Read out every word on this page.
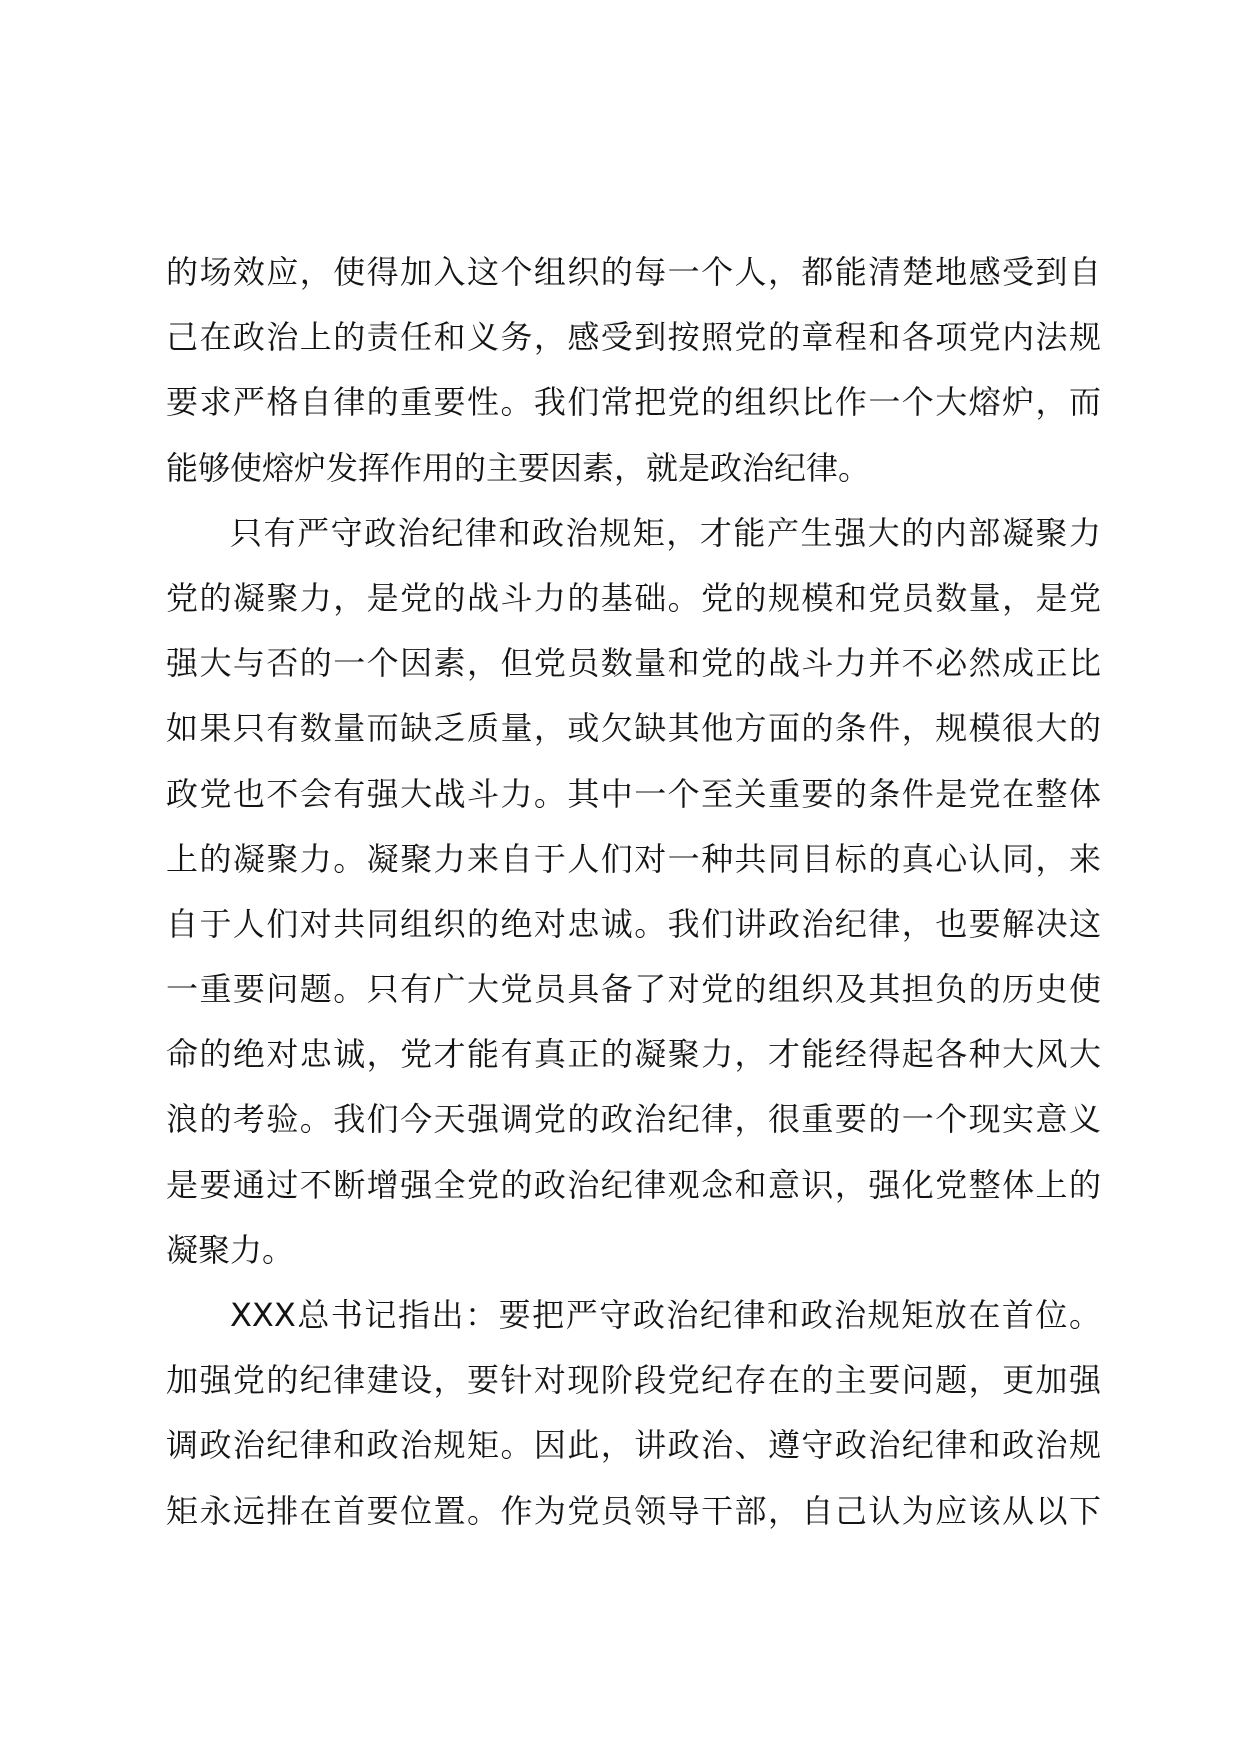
的场效应，使得加入这个组织的每一个人，都能清楚地感受到自
己在政治上的责任和义务，感受到按照党的章程和各项党内法规
要求严格自律的重要性。我们常把党的组织比作一个大熔炉，而
能够使熔炉发挥作用的主要因素，就是政治纪律。
只有严守政治纪律和政治规矩，才能产生强大的内部凝聚力
党的凝聚力，是党的战斗力的基础。党的规模和党员数量，是党
强大与否的一个因素，但党员数量和党的战斗力并不必然成正比
如果只有数量而缺乏质量，或欠缺其他方面的条件，规模很大的
政党也不会有强大战斗力。其中一个至关重要的条件是党在整体
上的凝聚力。凝聚力来自于人们对一种共同目标的真心认同，来
自于人们对共同组织的绝对忠诚。我们讲政治纪律，也要解决这
一重要问题。只有广大党员具备了对党的组织及其担负的历史使
命的绝对忠诚，党才能有真正的凝聚力，才能经得起各种大风大
浪的考验。我们今天强调党的政治纪律，很重要的一个现实意义
是要通过不断增强全党的政治纪律观念和意识，强化党整体上的
凝聚力。
XXX总书记指出：要把严守政治纪律和政治规矩放在首位。
加强党的纪律建设，要针对现阶段党纪存在的主要问题，更加强
调政治纪律和政治规矩。因此，讲政治、遵守政治纪律和政治规
矩永远排在首要位置。作为党员领导干部，自己认为应该从以下
